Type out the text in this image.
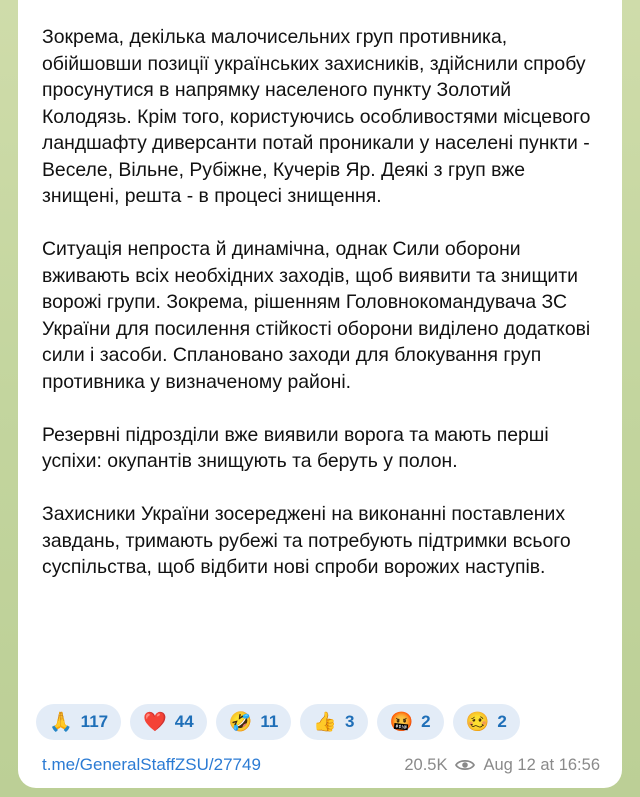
Зокрема, декілька малочисельних груп противника, обійшовши позиції українських захисників, здійснили спробу просунутися в напрямку населеного пункту Золотий Колодязь. Крім того, користуючись особливостями місцевого ландшафту диверсанти потай проникали у населені пункти - Веселе, Вільне, Рубіжне, Кучерів Яр. Деякі з груп вже знищені, решта - в процесі знищення.

Ситуація непроста й динамічна, однак Сили оборони вживають всіх необхідних заходів, щоб виявити та знищити ворожі групи. Зокрема, рішенням Головнокомандувача ЗС України для посилення стійкості оборони виділено додаткові сили і засоби. Сплановано заходи для блокування груп противника у визначеному районі.

Резервні підрозділи вже виявили ворога та мають перші успіхи: окупантів знищують та беруть у полон.

Захисники України зосереджені на виконанні поставлених завдань, тримають рубежі та потребують підтримки всього суспільства, щоб відбити нові спроби ворожих наступів.

🙏 117 ❤️ 44 🤣 11 👍 3 🤬 2 🥴 2
t.me/GeneralStaffZSU/27749	20.5K Aug 12 at 16:56
